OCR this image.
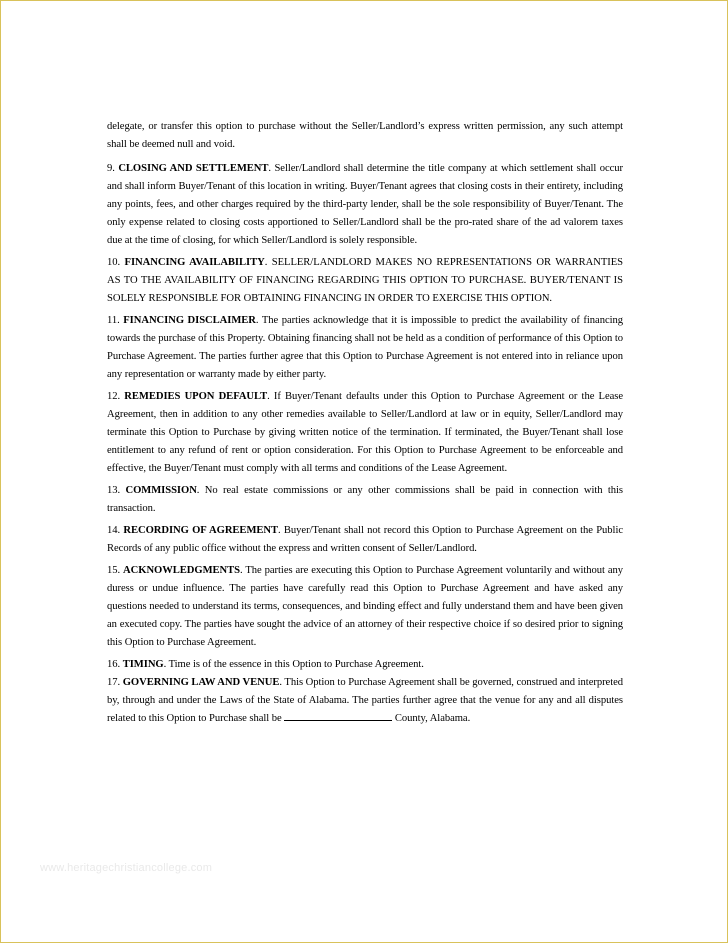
delegate, or transfer this option to purchase without the Seller/Landlord’s express written permission, any such attempt shall be deemed null and void.

9. CLOSING AND SETTLEMENT. Seller/Landlord shall determine the title company at which settlement shall occur and shall inform Buyer/Tenant of this location in writing. Buyer/Tenant agrees that closing costs in their entirety, including any points, fees, and other charges required by the third-party lender, shall be the sole responsibility of Buyer/Tenant. The only expense related to closing costs apportioned to Seller/Landlord shall be the pro-rated share of the ad valorem taxes due at the time of closing, for which Seller/Landlord is solely responsible.

10. FINANCING AVAILABILITY. SELLER/LANDLORD MAKES NO REPRESENTATIONS OR WARRANTIES AS TO THE AVAILABILITY OF FINANCING REGARDING THIS OPTION TO PURCHASE. BUYER/TENANT IS SOLELY RESPONSIBLE FOR OBTAINING FINANCING IN ORDER TO EXERCISE THIS OPTION.

11. FINANCING DISCLAIMER. The parties acknowledge that it is impossible to predict the availability of financing towards the purchase of this Property. Obtaining financing shall not be held as a condition of performance of this Option to Purchase Agreement. The parties further agree that this Option to Purchase Agreement is not entered into in reliance upon any representation or warranty made by either party.

12. REMEDIES UPON DEFAULT. If Buyer/Tenant defaults under this Option to Purchase Agreement or the Lease Agreement, then in addition to any other remedies available to Seller/Landlord at law or in equity, Seller/Landlord may terminate this Option to Purchase by giving written notice of the termination. If terminated, the Buyer/Tenant shall lose entitlement to any refund of rent or option consideration. For this Option to Purchase Agreement to be enforceable and effective, the Buyer/Tenant must comply with all terms and conditions of the Lease Agreement.

13. COMMISSION. No real estate commissions or any other commissions shall be paid in connection with this transaction.

14. RECORDING OF AGREEMENT. Buyer/Tenant shall not record this Option to Purchase Agreement on the Public Records of any public office without the express and written consent of Seller/Landlord.

15. ACKNOWLEDGMENTS. The parties are executing this Option to Purchase Agreement voluntarily and without any duress or undue influence. The parties have carefully read this Option to Purchase Agreement and have asked any questions needed to understand its terms, consequences, and binding effect and fully understand them and have been given an executed copy. The parties have sought the advice of an attorney of their respective choice if so desired prior to signing this Option to Purchase Agreement.

16. TIMING. Time is of the essence in this Option to Purchase Agreement.

17. GOVERNING LAW AND VENUE. This Option to Purchase Agreement shall be governed, construed and interpreted by, through and under the Laws of the State of Alabama. The parties further agree that the venue for any and all disputes related to this Option to Purchase shall be	County, Alabama.

www.heritagechristiancollege.com
